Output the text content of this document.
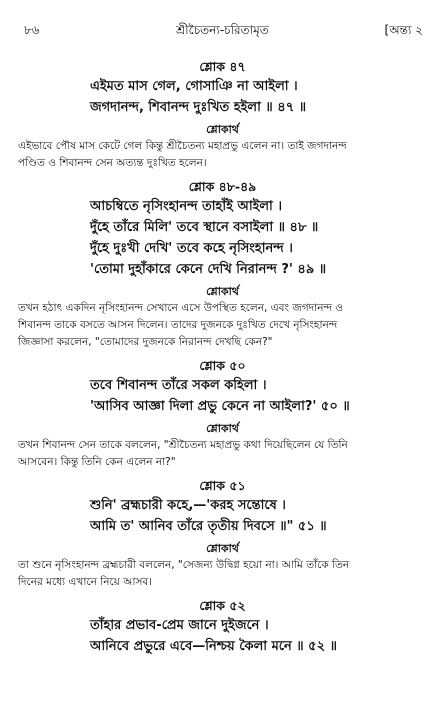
৮৬	শ্রীচৈতন্য-চরিতামৃত	[অন্ত্য ২
শ্লোক ৪৭
এইমত মাস গেল, গোসাঞি না আইলা ।
জগদানন্দ, শিবানন্দ দুঃখিত হইলা ॥ ৪৭ ॥
শ্লোকার্থ
এইভাবে পৌষ মাস কেটে গেল কিন্তু শ্রীচৈতন্য মহাপ্রভু এলেন না। তাই জগদানন্দ
পণ্ডিত ও শিবানন্দ সেন অত্যন্ত দুঃখিত হলেন।
শ্লোক ৪৮-৪৯
আচম্বিতে নৃসিংহানন্দ তাহাঁই আইলা ।
দুঁহে তাঁরে মিলি' তবে স্থানে বসাইলা ॥ ৪৮ ॥
দুঁহে দুঃখী দেখি' তবে কহে নৃসিংহানন্দ ।
'তোমা দুহাঁকারে কেনে দেখি নিরানন্দ ?' ৪৯ ॥
শ্লোকার্থ
তখন হঠাৎ একদিন নৃসিংহানন্দ সেখানে এসে উপস্থিত হলেন, এবং জগদানন্দ ও
শিবানন্দ তাকে বসতে আসন দিলেন। তাদের দুজনকে দুঃখিত দেখে নৃসিংহানন্দ
জিজ্ঞাসা করলেন, "তোমাদের দুজনকে নিরানন্দ দেখছি কেন?"
শ্লোক ৫০
তবে শিবানন্দ তাঁরে সকল কহিলা ।
'আসিব আজ্ঞা দিলা প্রভু কেনে না আইলা?' ৫০ ॥
শ্লোকার্থ
তখন শিবানন্দ সেন তাকে বললেন, "শ্রীচৈতন্য মহাপ্রভু কথা দিয়েছিলেন যে তিনি
আসবেন। কিন্তু তিনি কেন এলেন না?"
শ্লোক ৫১
শুনি' ব্রহ্মচারী কহে,—'করহ সন্তোষে ।
আমি ত' আনিব তাঁরে তৃতীয় দিবসে ॥" ৫১ ॥
শ্লোকার্থ
তা শুনে নৃসিংহানন্দ ব্রহ্মচারী বললেন, "সেজন্য উদ্বিগ্ন হয়ো না। আমি তাঁকে তিন
দিনের মধ্যে এখানে নিয়ে আসব।
শ্লোক ৫২
তাঁহার প্রভাব-প্রেম জানে দুইজনে ।
আনিবে প্রভুরে এবে—নিশ্চয় কৈলা মনে ॥ ৫২ ॥
